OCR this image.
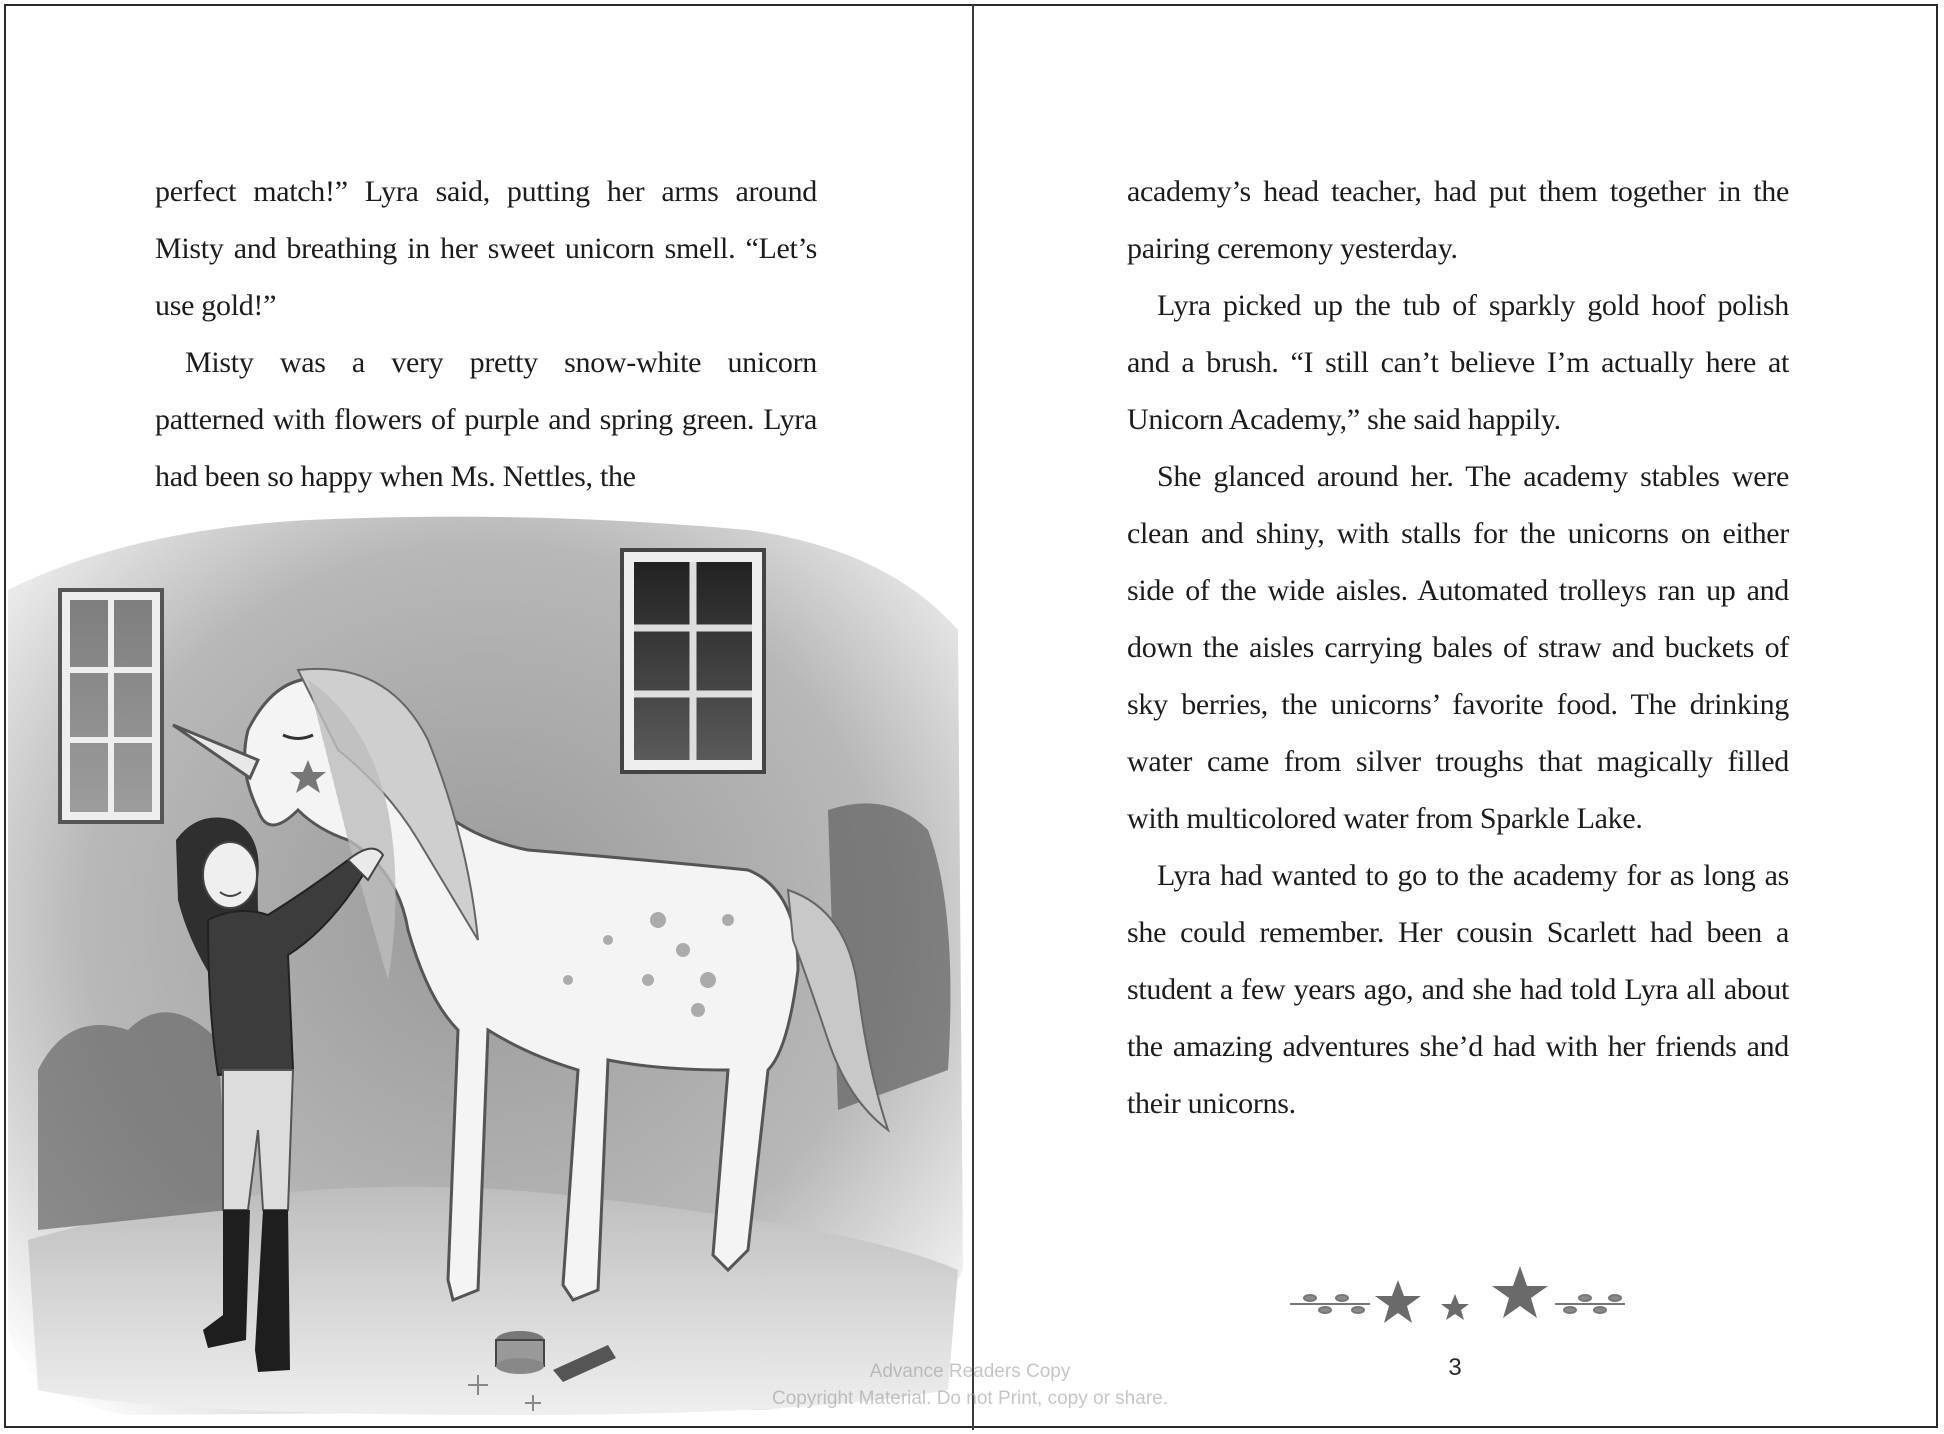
perfect match!” Lyra said, putting her arms around Misty and breathing in her sweet unicorn smell. “Let’s use gold!”

Misty was a very pretty snow-white unicorn patterned with flowers of purple and spring green. Lyra had been so happy when Ms. Nettles, the

academy’s head teacher, had put them together in the pairing ceremony yesterday.

Lyra picked up the tub of sparkly gold hoof polish and a brush. “I still can’t believe I’m actually here at Unicorn Academy,” she said happily.

She glanced around her. The academy stables were clean and shiny, with stalls for the unicorns on either side of the wide aisles. Automated trolleys ran up and down the aisles carrying bales of straw and buckets of sky berries, the unicorns’ favorite food. The drinking water came from silver troughs that magically filled with multicolored water from Sparkle Lake.

Lyra had wanted to go to the academy for as long as she could remember. Her cousin Scarlett had been a student a few years ago, and she had told Lyra all about the amazing adventures she’d had with her friends and their unicorns.

3
Advance Readers Copy
Copyright Material. Do not Print, copy or share.
